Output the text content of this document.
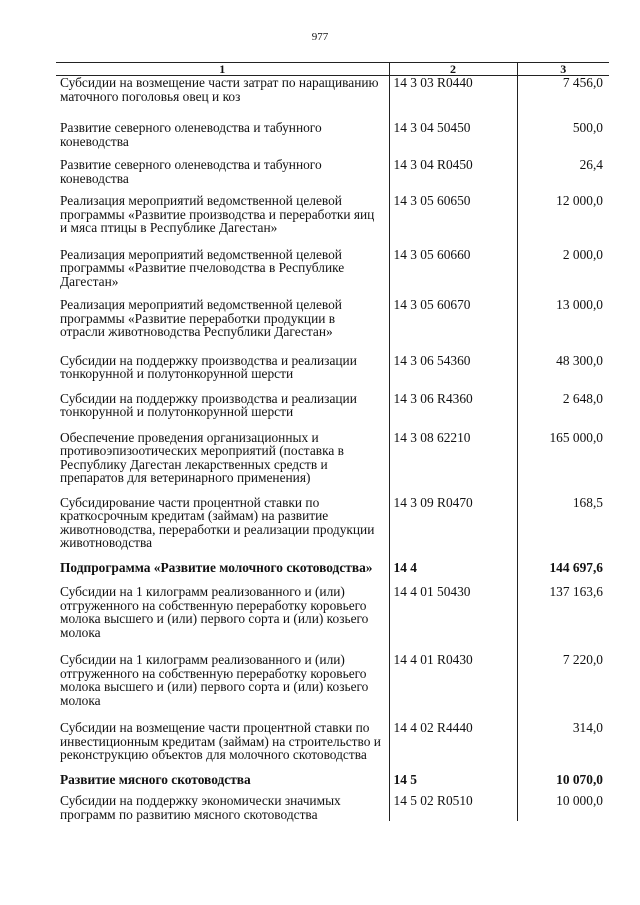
977
1	2	3
Субсидии на возмещение части затрат по наращиванию маточного поголовья овец и коз	14 3 03 R0440	7 456,0
Развитие северного оленеводства и табунного коневодства	14 3 04 50450	500,0
Развитие северного оленеводства и табунного коневодства	14 3 04 R0450	26,4
Реализация мероприятий ведомственной целевой программы «Развитие производства и переработки яиц и мяса птицы в Республике Дагестан»	14 3 05 60650	12 000,0
Реализация мероприятий ведомственной целевой программы «Развитие пчеловодства в Республике Дагестан»	14 3 05 60660	2 000,0
Реализация мероприятий ведомственной целевой программы «Развитие переработки продукции в отрасли животноводства Республики Дагестан»	14 3 05 60670	13 000,0
Субсидии на поддержку производства и реализации тонкорунной и полутонкорунной шерсти	14 3 06 54360	48 300,0
Субсидии на поддержку производства и реализации тонкорунной и полутонкорунной шерсти	14 3 06 R4360	2 648,0
Обеспечение проведения организационных и противоэпизоотических мероприятий (поставка в Республику Дагестан лекарственных средств и препаратов для ветеринарного применения)	14 3 08 62210	165 000,0
Субсидирование части процентной ставки по краткосрочным кредитам (займам) на развитие животноводства, переработки и реализации продукции животноводства	14 3 09 R0470	168,5
Подпрограмма «Развитие молочного скотоводства»	14 4	144 697,6
Субсидии на 1 килограмм реализованного и (или) отгруженного на собственную переработку коровьего молока высшего и (или) первого сорта и (или) козьего молока	14 4 01 50430	137 163,6
Субсидии на 1 килограмм реализованного и (или) отгруженного на собственную переработку коровьего молока высшего и (или) первого сорта и (или) козьего молока	14 4 01 R0430	7 220,0
Субсидии на возмещение части процентной ставки по инвестиционным кредитам (займам) на строительство и реконструкцию объектов для молочного скотоводства	14 4 02 R4440	314,0
Развитие мясного скотоводства	14 5	10 070,0
Субсидии на поддержку экономически значимых программ по развитию мясного скотоводства	14 5 02 R0510	10 000,0
